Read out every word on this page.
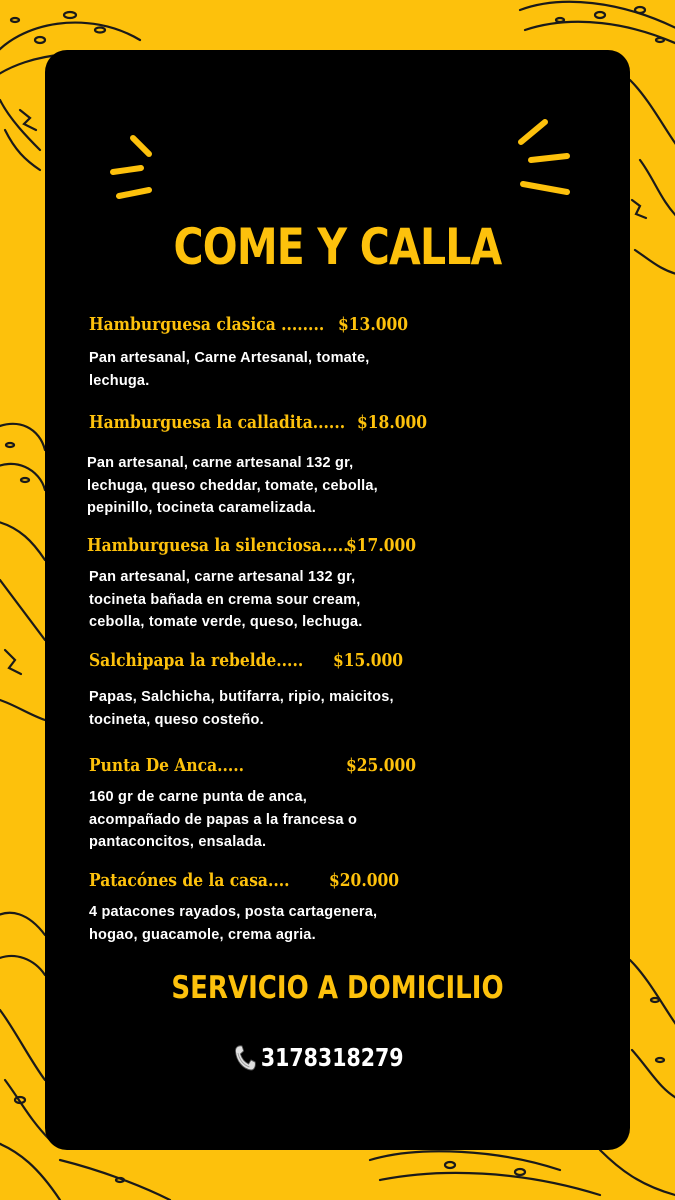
COME Y CALLA
Hamburguesa clasica ........ $13.000
Pan artesanal, Carne Artesanal, tomate,
lechuga.
Hamburguesa la calladita...... $18.000
Pan artesanal, carne artesanal 132 gr,
lechuga, queso cheddar, tomate, cebolla,
pepinillo, tocineta caramelizada.
Hamburguesa la silenciosa.....
$17.000
Pan artesanal, carne artesanal 132 gr,
tocineta bañada en crema sour cream,
cebolla, tomate verde, queso, lechuga.
Salchipapa la rebelde..... $15.000
Papas, Salchicha, butifarra, ripio, maicitos,
tocineta, queso costeño.
Punta De Anca.....	$25.000
160 gr de carne punta de anca,
acompañado de papas a la francesa o
pantaconcitos, ensalada.
Patacónes de la casa.... $20.000
4 patacones rayados, posta cartagenera,
hogao, guacamole, crema agria.
SERVICIO A DOMICILIO
3178318279
